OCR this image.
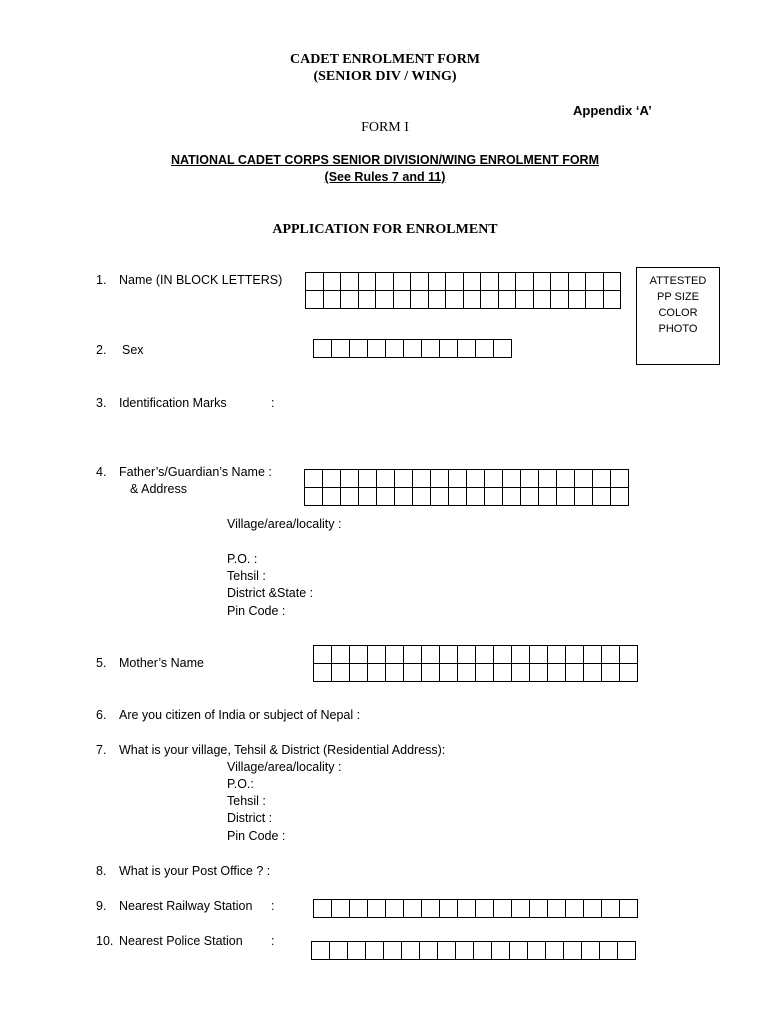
CADET ENROLMENT FORM
(SENIOR DIV / WING)
Appendix ‘A’
FORM I
NATIONAL CADET CORPS SENIOR DIVISION/WING ENROLMENT FORM
(See Rules 7 and 11)
APPLICATION FOR ENROLMENT
ATTESTED
PP SIZE
COLOR
PHOTO
1. Name (IN BLOCK LETTERS)
2. Sex
3. Identification Marks	:
4. Father’s/Guardian’s Name :
& Address
Village/area/locality :
P.O. :
Tehsil :
District &State :
Pin Code :
5. Mother’s Name
6. Are you citizen of India or subject of Nepal :
7. What is your village, Tehsil & District (Residential Address):
Village/area/locality :
P.O.:
Tehsil :
District :
Pin Code :
8. What is your Post Office ? :
9. Nearest Railway Station :
10. Nearest Police Station :
